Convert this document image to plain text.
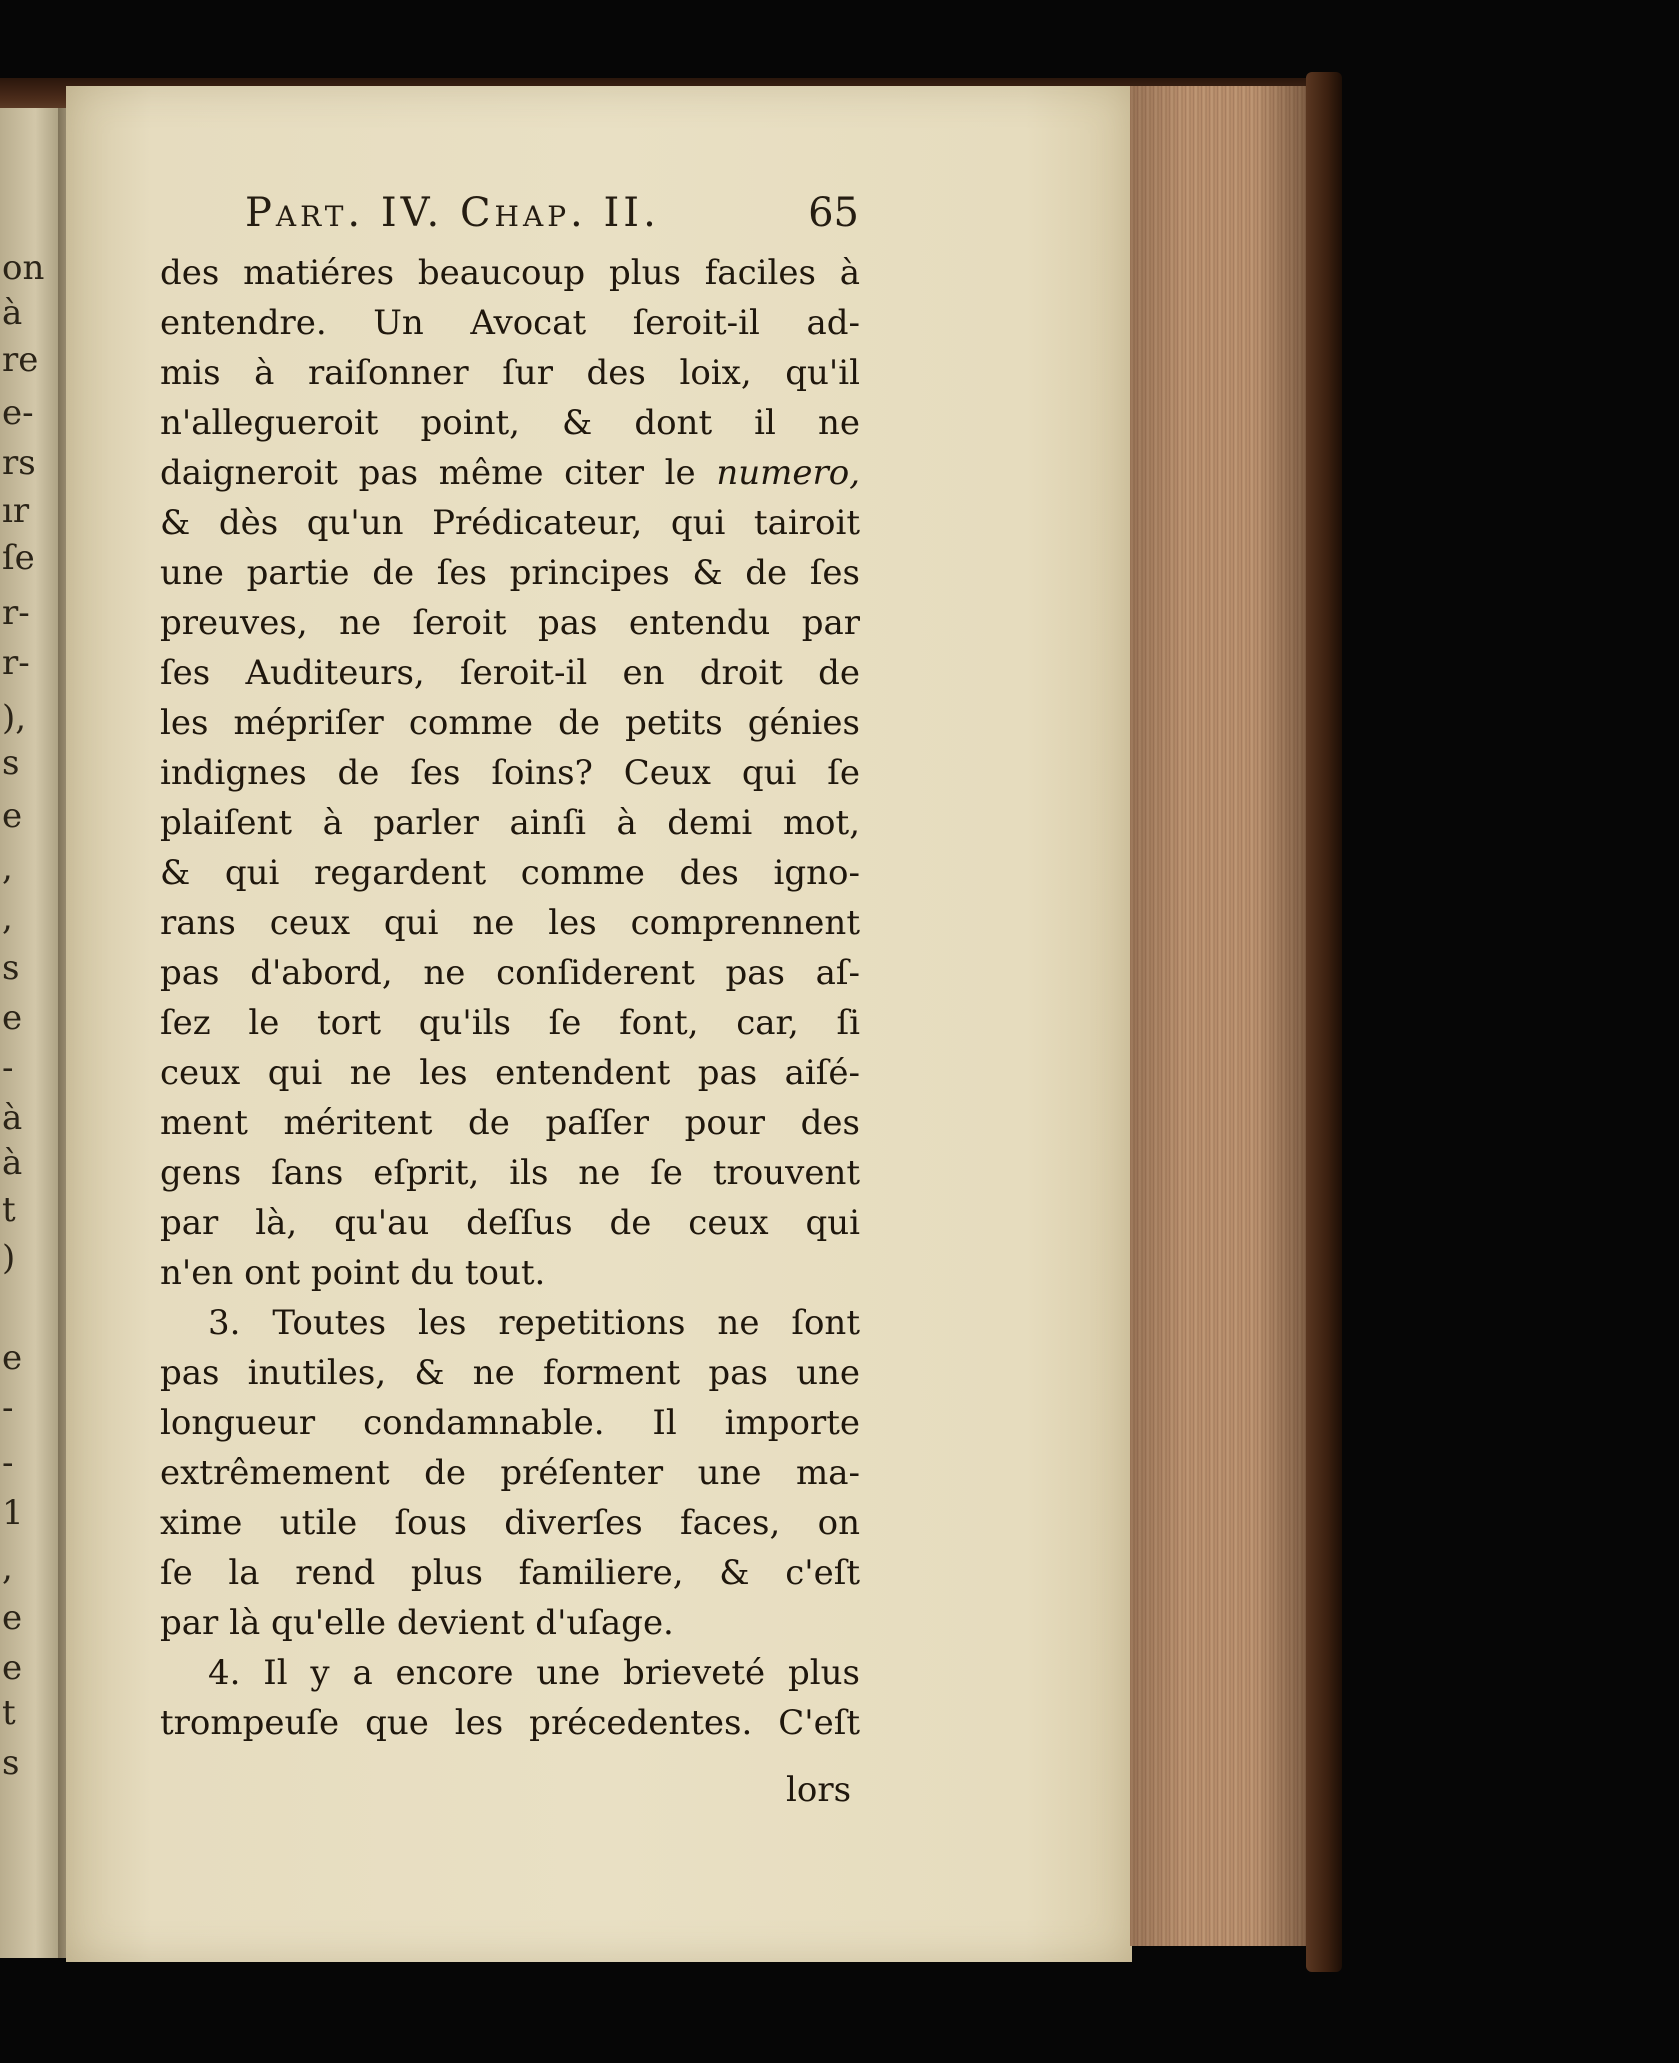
on
à
re
e-
rs
ır
ſe
r-
r-
),
s
e
,
,
s
e
-
à
à
t
)
e
-
-
1
,
e
e
t
s
Part. IV. Chap. II.	65
des matiéres beaucoup plus faciles à
entendre. Un Avocat ſeroit-il ad-
mis à raiſonner ſur des loix, qu'il
n'allegueroit point, & dont il ne
daigneroit pas même citer le numero,
& dès qu'un Prédicateur, qui tairoit
une partie de ſes principes & de ſes
preuves, ne ſeroit pas entendu par
ſes Auditeurs, ſeroit-il en droit de
les mépriſer comme de petits génies
indignes de ſes ſoins? Ceux qui ſe
plaiſent à parler ainſi à demi mot,
& qui regardent comme des igno-
rans ceux qui ne les comprennent
pas d'abord, ne conſiderent pas aſ-
ſez le tort qu'ils ſe font, car, ſi
ceux qui ne les entendent pas aiſé-
ment méritent de paſſer pour des
gens ſans eſprit, ils ne ſe trouvent
par là, qu'au deſſus de ceux qui
n'en ont point du tout.
3. Toutes les repetitions ne ſont
pas inutiles, & ne forment pas une
longueur condamnable. Il importe
extrêmement de préſenter une ma-
xime utile ſous diverſes faces, on
ſe la rend plus familiere, & c'eſt
par là qu'elle devient d'uſage.
4. Il y a encore une brieveté plus
trompeuſe que les précedentes. C'eſt
lors
